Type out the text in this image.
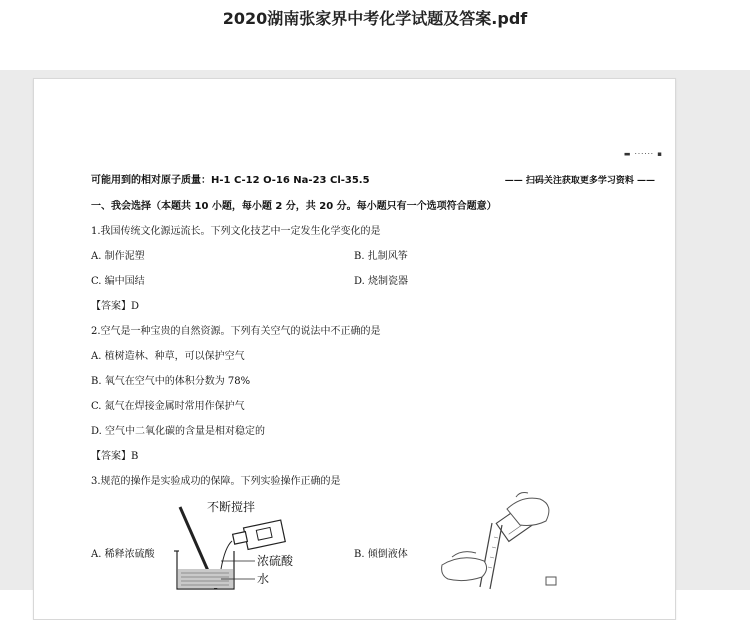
2020湖南张家界中考化学试题及答案.pdf
▬ ······ ▪
可能用到的相对原子质量：H-1 C-12 O-16 Na-23 Cl-35.5	—— 扫码关注获取更多学习资料 ——
一、我会选择（本题共 10 小题，每小题 2 分，共 20 分。每小题只有一个选项符合题意）
1.我国传统文化源远流长。下列文化技艺中一定发生化学变化的是
A. 制作泥塑	B. 扎制风筝
C. 编中国结	D. 烧制瓷器
【答案】D
2.空气是一种宝贵的自然资源。下列有关空气的说法中不正确的是
A. 植树造林、种草，可以保护空气
B. 氧气在空气中的体积分数为 78%
C. 氮气在焊接金属时常用作保护气
D. 空气中二氧化碳的含量是相对稳定的
【答案】B
3.规范的操作是实验成功的保障。下列实验操作正确的是
A. 稀释浓硫酸	B. 倾倒液体
不断搅拌
浓硫酸
水
